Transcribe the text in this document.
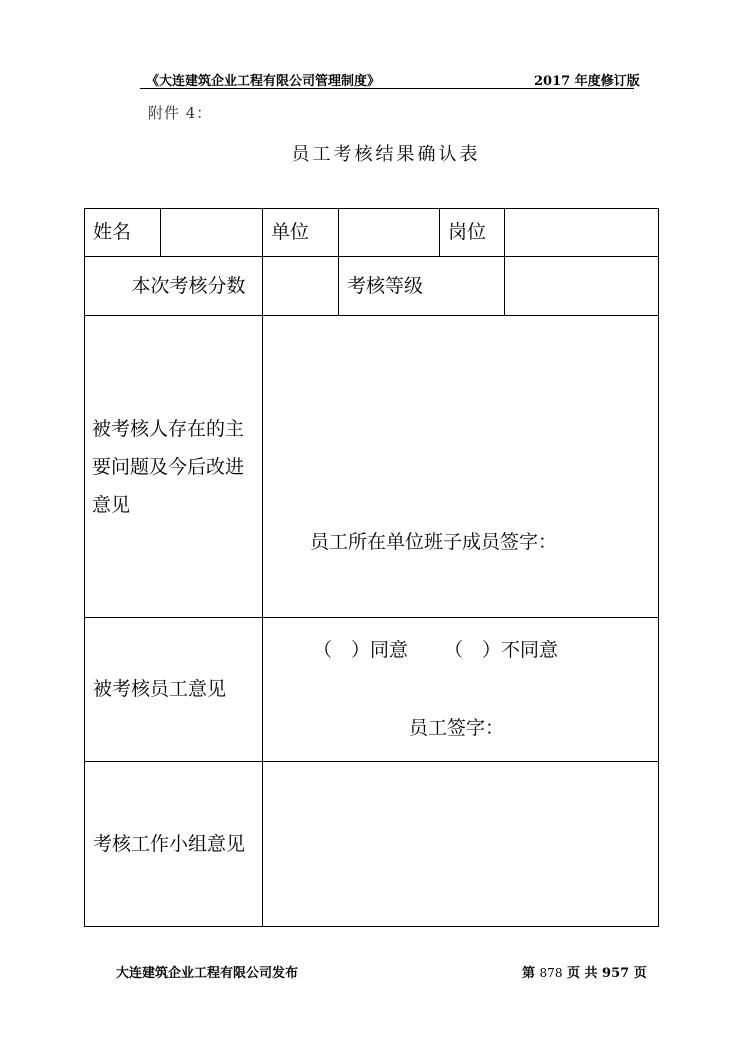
《大连建筑企业工程有限公司管理制度》	2017 年度修订版
附件 4：
员工考核结果确认表
姓名		单位		岗位	
本次考核分数			考核等级		

被考核人存在的主
要问题及今后改进
意见		员工所在单位班子成员签字：			

被考核员工意见		（　）同意 （　）不同意
员工签字：			

考核工作小组意见					
大连建筑企业工程有限公司发布	第 878 页 共 957 页
